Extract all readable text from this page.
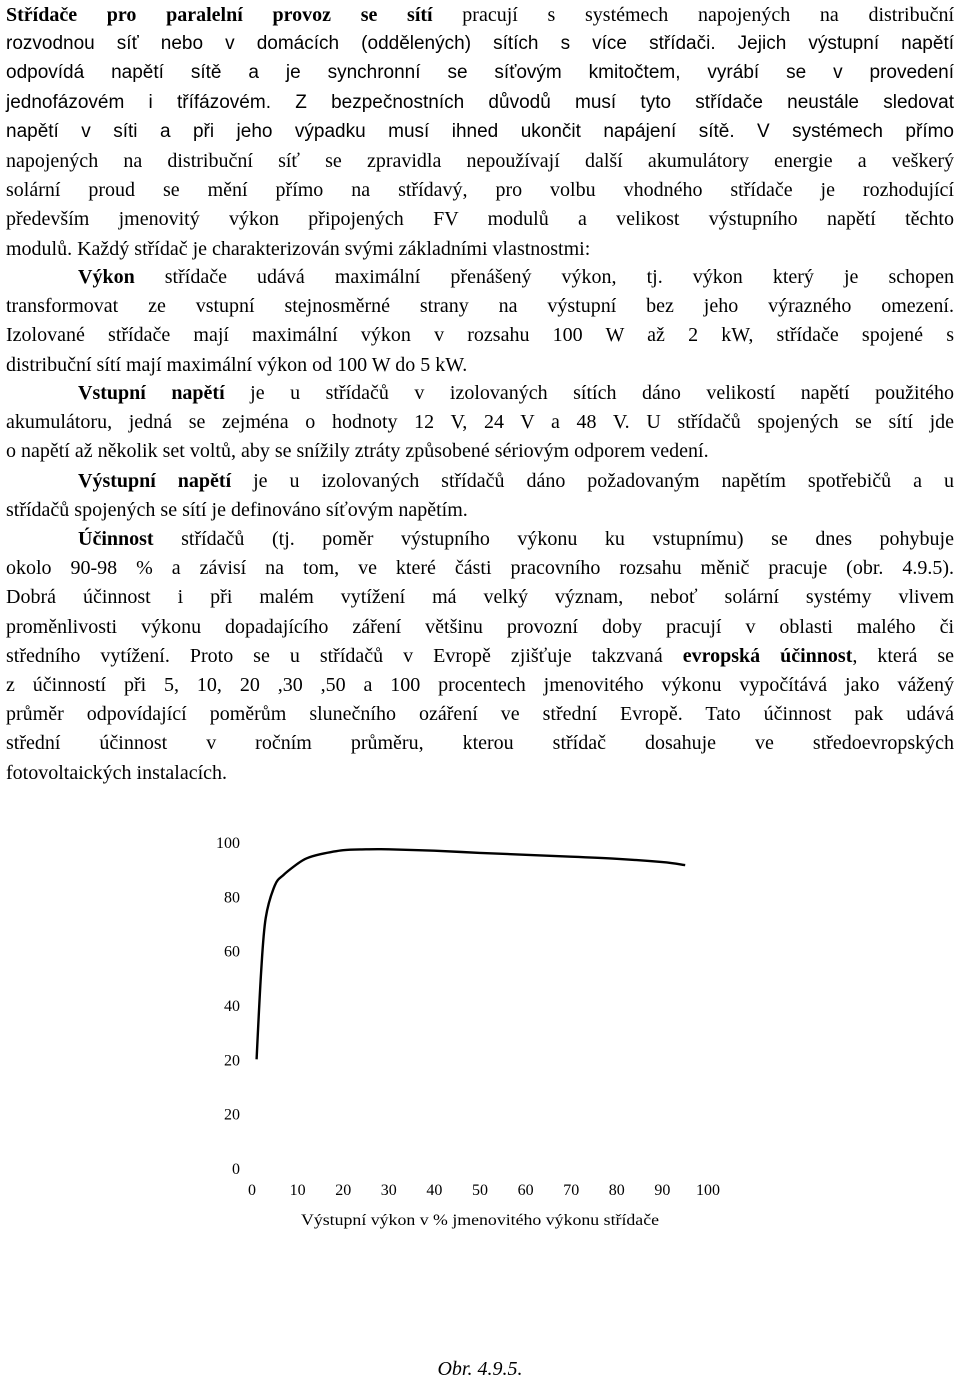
Střídače pro paralelní provoz se sítí pracují s systémech napojených na distribuční
rozvodnou síť nebo v domácích (oddělených) sítích s více střídači. Jejich výstupní napětí
odpovídá napětí sítě a je synchronní se síťovým kmitočtem, vyrábí se v provedení
jednofázovém i třífázovém. Z bezpečnostních důvodů musí tyto střídače neustále sledovat
napětí v síti a při jeho výpadku musí ihned ukončit napájení sítě. V systémech přímo
napojených na distribuční síť se zpravidla nepoužívají další akumulátory energie a veškerý
solární proud se mění přímo na střídavý, pro volbu vhodného střídače je rozhodující
především jmenovitý výkon připojených FV modulů a velikost výstupního napětí těchto
modulů. Každý střídač je charakterizován svými základními vlastnostmi:
Výkon střídače udává maximální přenášený výkon, tj. výkon který je schopen
transformovat ze vstupní stejnosměrné strany na výstupní bez jeho výrazného omezení.
Izolované střídače mají maximální výkon v rozsahu 100 W až 2 kW, střídače spojené s
distribuční sítí mají maximální výkon od 100 W do 5 kW.
Vstupní napětí je u střídačů v izolovaných sítích dáno velikostí napětí použitého
akumulátoru, jedná se zejména o hodnoty 12 V, 24 V a 48 V. U střídačů spojených se sítí jde
o napětí až několik set voltů, aby se snížily ztráty způsobené sériovým odporem vedení.
Výstupní napětí je u izolovaných střídačů dáno požadovaným napětím spotřebičů a u
střídačů spojených se sítí je definováno síťovým napětím.
Účinnost střídačů (tj. poměr výstupního výkonu ku vstupnímu) se dnes pohybuje
okolo 90-98 % a závisí na tom, ve které části pracovního rozsahu měnič pracuje (obr. 4.9.5).
Dobrá účinnost i při malém vytížení má velký význam, neboť solární systémy vlivem
proměnlivosti výkonu dopadajícího záření většinu provozní doby pracují v oblasti malého či
středního vytížení. Proto se u střídačů v Evropě zjišťuje takzvaná evropská účinnost, která se
z účinností při 5, 10, 20 ,30 ,50 a 100 procentech jmenovitého výkonu vypočítává jako vážený
průměr odpovídající poměrům slunečního ozáření ve střední Evropě. Tato účinnost pak udává
střední účinnost v ročním průměru, kterou střídač dosahuje ve středoevropských
fotovoltaických instalacích.
0
20
20
40
60
80
100
0 10 20 30 40 50 60 70 80 90 100
Výstupní výkon v % jmenovitého výkonu střídače
Obr. 4.9.5.
